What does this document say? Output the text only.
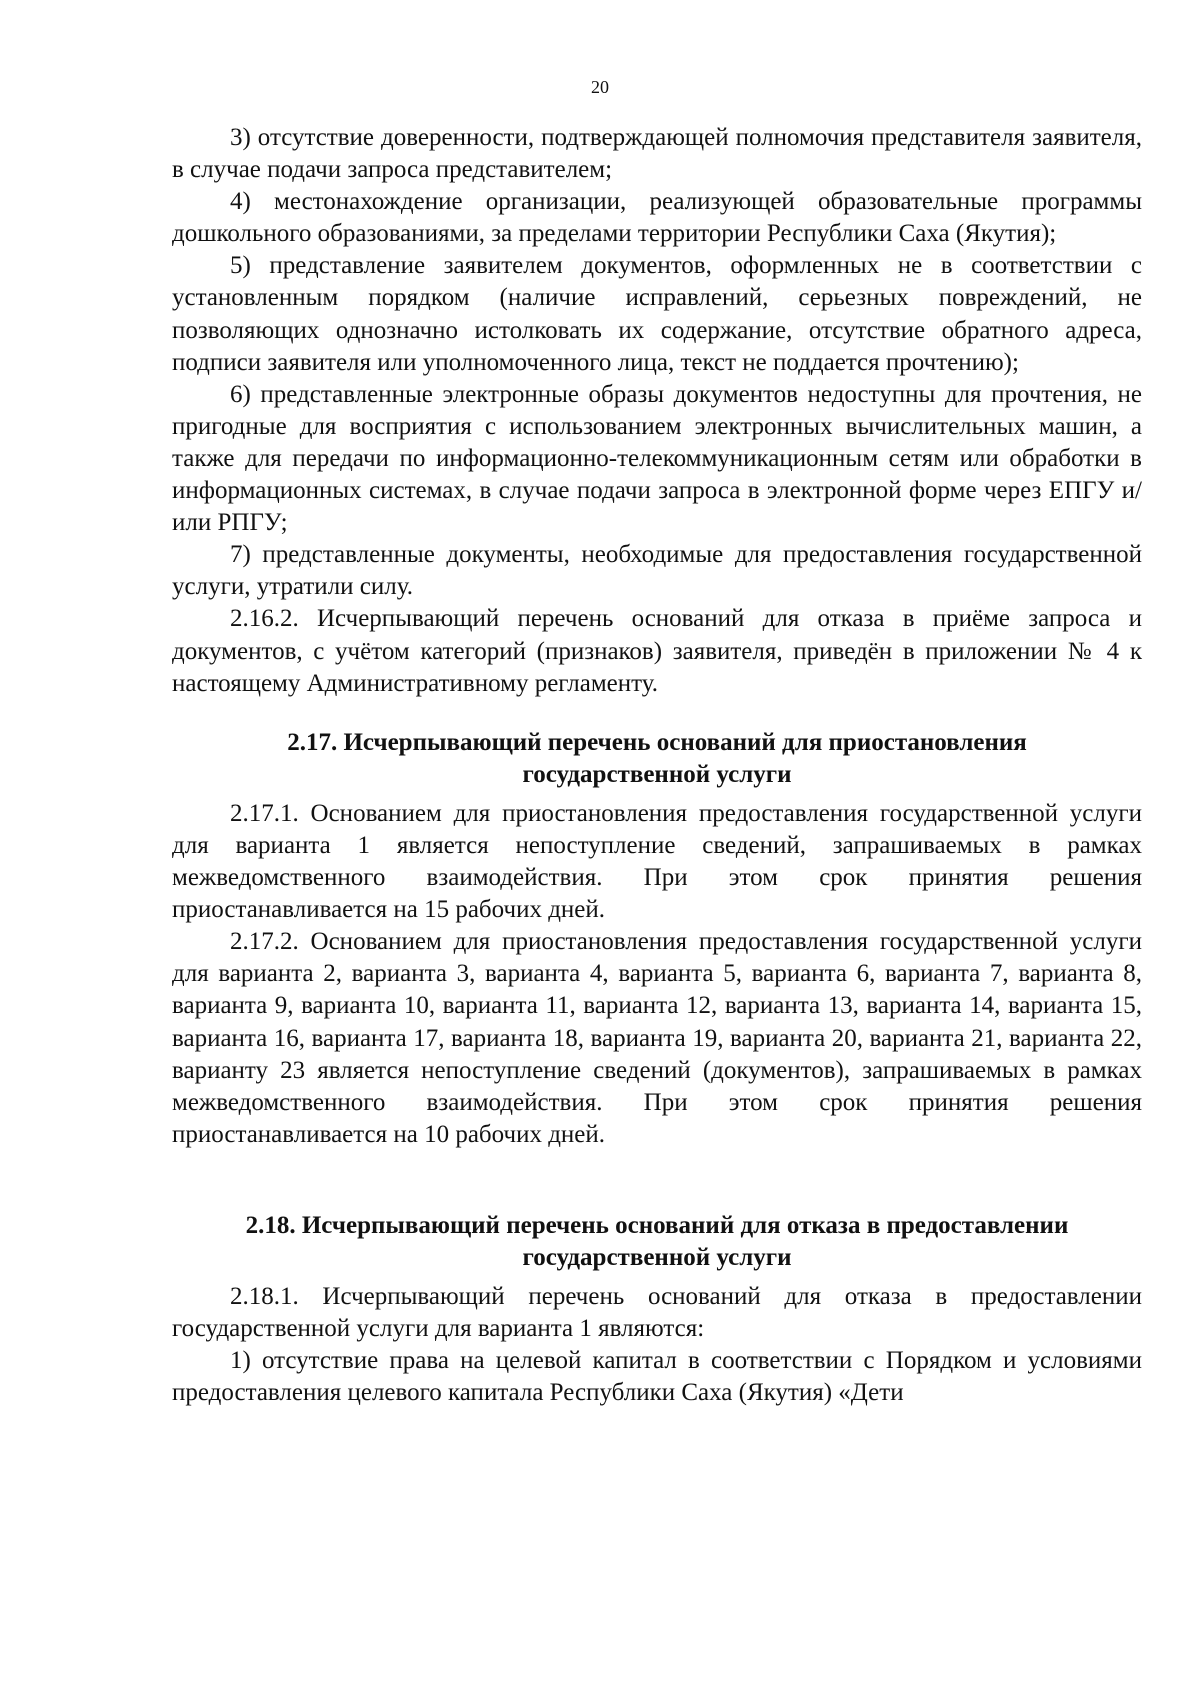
20

3) отсутствие доверенности, подтверждающей полномочия представителя заявителя, в случае подачи запроса представителем;

4) местонахождение организации, реализующей образовательные программы дошкольного образованиями, за пределами территории Республики Саха (Якутия);

5) представление заявителем документов, оформленных не в соответствии с установленным порядком (наличие исправлений, серьезных повреждений, не позволяющих однозначно истолковать их содержание, отсутствие обратного адреса, подписи заявителя или уполномоченного лица, текст не поддается прочтению);

6) представленные электронные образы документов недоступны для прочтения, не пригодные для восприятия с использованием электронных вычислительных машин, а также для передачи по информационно-телекоммуникационным сетям или обработки в информационных системах, в случае подачи запроса в электронной форме через ЕПГУ и/или РПГУ;

7) представленные документы, необходимые для предоставления государственной услуги, утратили силу.

2.16.2. Исчерпывающий перечень оснований для отказа в приёме запроса и документов, с учётом категорий (признаков) заявителя, приведён в приложении № 4 к настоящему Административному регламенту.

2.17. Исчерпывающий перечень оснований для приостановления
государственной услуги

2.17.1. Основанием для приостановления предоставления государственной услуги для варианта 1 является непоступление сведений, запрашиваемых в рамках межведомственного взаимодействия. При этом срок принятия решения приостанавливается на 15 рабочих дней.

2.17.2. Основанием для приостановления предоставления государственной услуги для варианта 2, варианта 3, варианта 4, варианта 5, варианта 6, варианта 7, варианта 8, варианта 9, варианта 10, варианта 11, варианта 12, варианта 13, варианта 14, варианта 15, варианта 16, варианта 17, варианта 18, варианта 19, варианта 20, варианта 21, варианта 22, варианту 23 является непоступление сведений (документов), запрашиваемых в рамках межведомственного взаимодействия. При этом срок принятия решения приостанавливается на 10 рабочих дней.

2.18. Исчерпывающий перечень оснований для отказа в предоставлении
государственной услуги

2.18.1. Исчерпывающий перечень оснований для отказа в предоставлении государственной услуги для варианта 1 являются:

1) отсутствие права на целевой капитал в соответствии с Порядком и условиями предоставления целевого капитала Республики Саха (Якутия) «Дети
